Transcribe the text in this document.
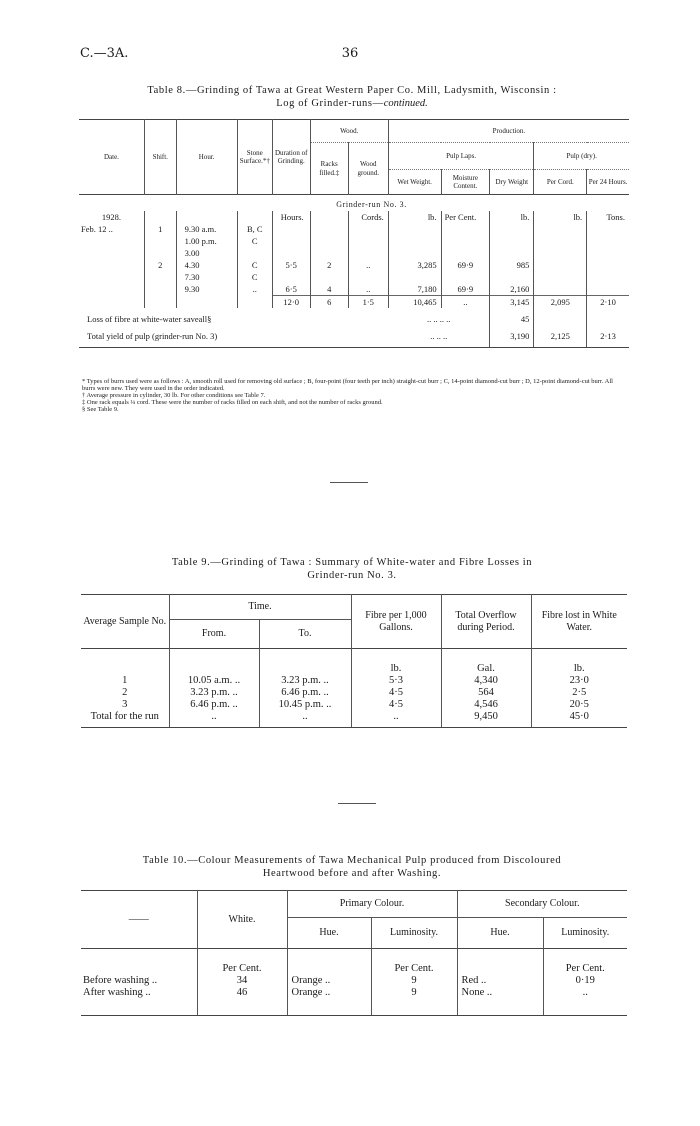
C.—3A.	36
Table 8.—Grinding of Tawa at Great Western Paper Co. Mill, Ladysmith, Wisconsin :
Log of Grinder-runs—continued.
Date.	Shift.	Hour.	Stone Surface.*†	Duration of Grinding.	Wood.		Production.				
					Racks filled.‡	Wood ground.	Pulp Laps.			Pulp (dry).	
							Wet Weight.	Moisture Content.	Dry Weight	Per Cord.	Per 24 Hours.
				Grinder-run No. 3.							
1928.				Hours.		Cords.	lb.	Per Cent.	lb.	lb.	Tons.
Feb. 12 ..	1	9.30 a.m.	B, C								
		1.00 p.m.	C								
		3.00									
	2	4.30	C	5·5	2	..	3,285	69·9	985		
		7.30	C								
		9.30	..	6·5	4	..	7,180	69·9	2,160		
				12·0	6	1·5	10,465	..	3,145	2,095	2·10
Loss of fibre at white-water saveall§							.. .. .. ..		45		
Total yield of pulp (grinder-run No. 3)							.. .. ..		3,190	2,125	2·13

* Types of burrs used were as follows : A, smooth roll used for removing old surface ; B, four-point (four teeth per inch) straight-cut burr ; C, 14-point diamond-cut burr ; D, 12-point diamond-cut burr. All burrs were new. They were used in the order indicated.

† Average pressure in cylinder, 30 lb. For other conditions see Table 7.

‡ One rack equals ¼ cord. These were the number of racks filled on each shift, and not the number of racks ground.

§ See Table 9.

Table 9.—Grinding of Tawa : Summary of White-water and Fibre Losses in
Grinder-run No. 3.
Average Sample No.	Time.		Fibre per 1,000 Gallons.	Total Overflow during Period.	Fibre lost in White Water.
	From.	To.			
			lb.	Gal.	lb.
1	10.05 a.m. ..	3.23 p.m. ..	5·3	4,340	23·0
2	3.23 p.m. ..	6.46 p.m. ..	4·5	564	2·5
3	6.46 p.m. ..	10.45 p.m. ..	4·5	4,546	20·5
Total for the run	..	..	..	9,450	45·0
Table 10.—Colour Measurements of Tawa Mechanical Pulp produced from Discoloured
Heartwood before and after Washing.
——	White.	Primary Colour.		Secondary Colour.	
		Hue.	Luminosity.	Hue.	Luminosity.
	Per Cent.		Per Cent.		Per Cent.
Before washing ..	34	Orange ..	9	Red ..	0·19
After washing ..	46	Orange ..	9	None ..	..
